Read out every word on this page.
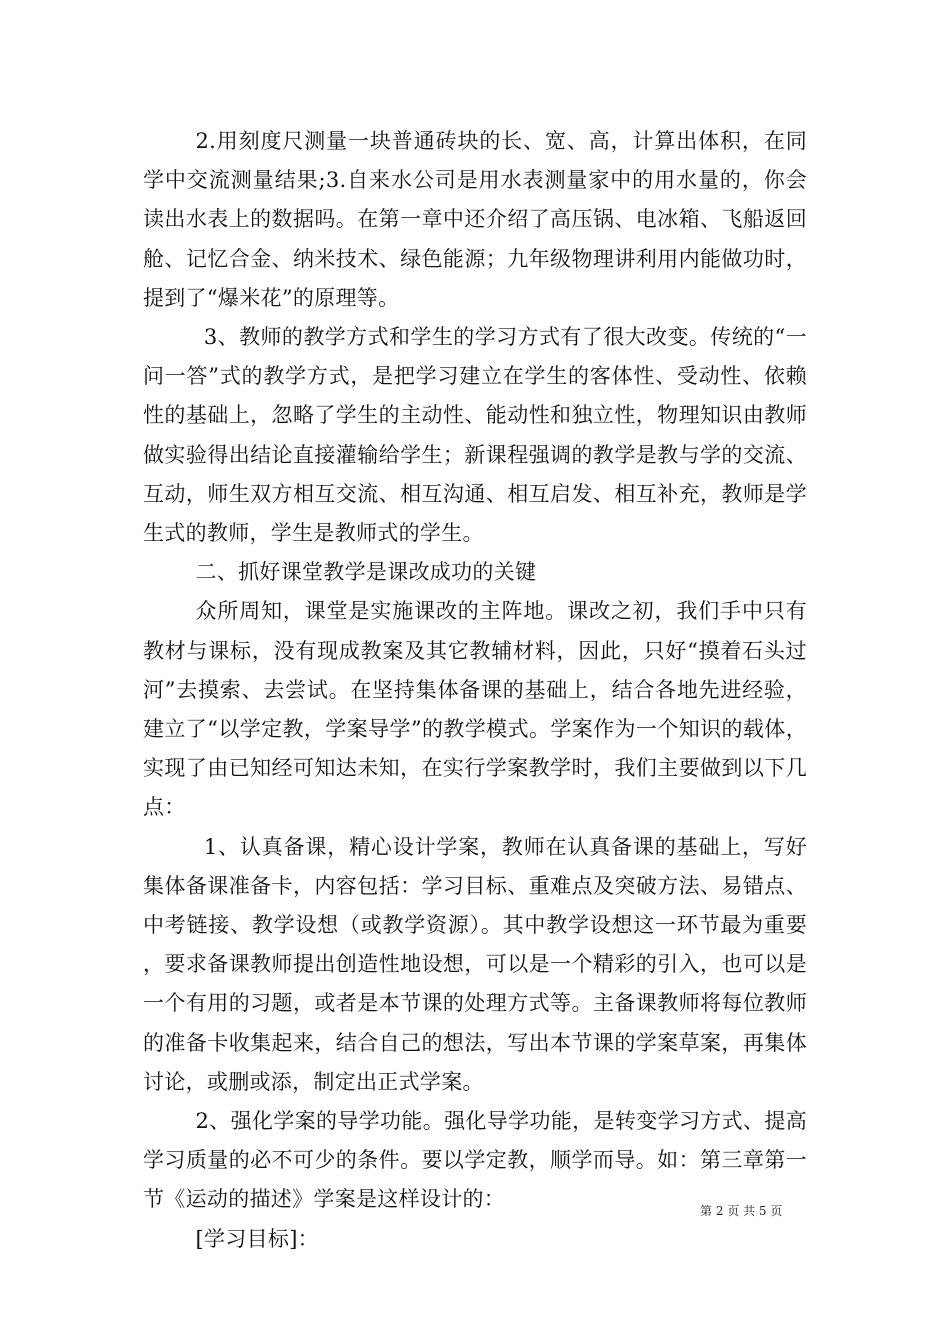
2.用刻度尺测量一块普通砖块的长、宽、高，计算出体积，在同学中交流测量结果;3.自来水公司是用水表测量家中的用水量的，你会读出水表上的数据吗。在第一章中还介绍了高压锅、电冰箱、飞船返回舱、记忆合金、纳米技术、绿色能源；九年级物理讲利用内能做功时，提到了“爆米花”的原理等。

3、教师的教学方式和学生的学习方式有了很大改变。传统的“一问一答”式的教学方式，是把学习建立在学生的客体性、受动性、依赖性的基础上，忽略了学生的主动性、能动性和独立性，物理知识由教师做实验得出结论直接灌输给学生；新课程强调的教学是教与学的交流、互动，师生双方相互交流、相互沟通、相互启发、相互补充，教师是学生式的教师，学生是教师式的学生。

二、抓好课堂教学是课改成功的关键

众所周知，课堂是实施课改的主阵地。课改之初，我们手中只有教材与课标，没有现成教案及其它教辅材料，因此，只好“摸着石头过河”去摸索、去尝试。在坚持集体备课的基础上，结合各地先进经验，建立了“以学定教，学案导学”的教学模式。学案作为一个知识的载体，实现了由已知经可知达未知，在实行学案教学时，我们主要做到以下几点：

1、认真备课，精心设计学案，教师在认真备课的基础上，写好集体备课准备卡，内容包括：学习目标、重难点及突破方法、易错点、中考链接、教学设想（或教学资源）。其中教学设想这一环节最为重要，要求备课教师提出创造性地设想，可以是一个精彩的引入，也可以是一个有用的习题，或者是本节课的处理方式等。主备课教师将每位教师的准备卡收集起来，结合自己的想法，写出本节课的学案草案，再集体讨论，或删或添，制定出正式学案。

2、强化学案的导学功能。强化导学功能，是转变学习方式、提高学习质量的必不可少的条件。要以学定教，顺学而导。如：第三章第一节《运动的描述》学案是这样设计的：

[学习目标]：

第 2 页 共 5 页
